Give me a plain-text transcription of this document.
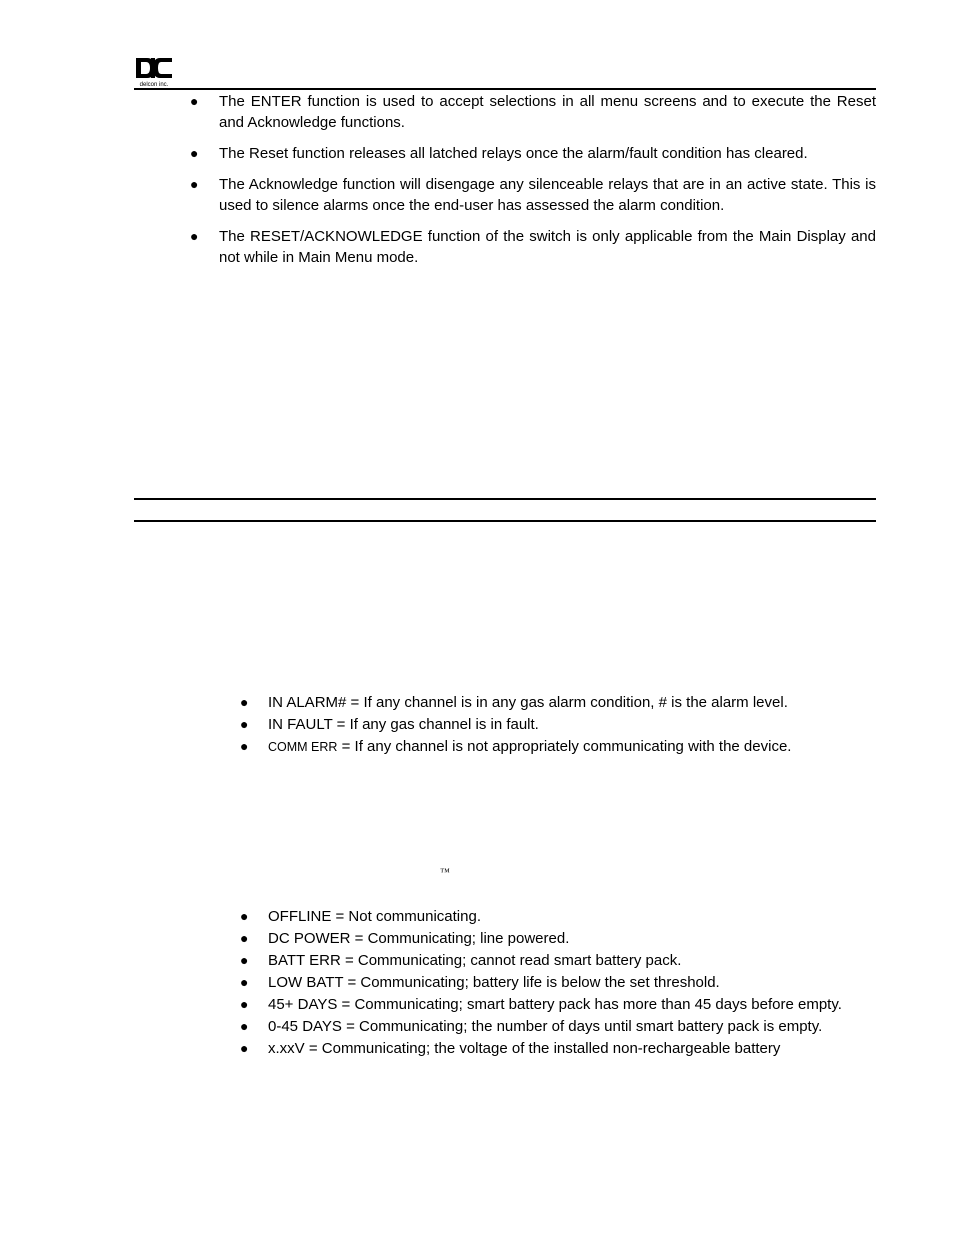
delcon inc.
● The ENTER function is used to accept selections in all menu screens and to execute the Reset and Acknowledge functions.
● The Reset function releases all latched relays once the alarm/fault condition has cleared.
● The Acknowledge function will disengage any silenceable relays that are in an active state. This is used to silence alarms once the end-user has assessed the alarm condition.
● The RESET/ACKNOWLEDGE function of the switch is only applicable from the Main Display and not while in Main Menu mode.
● IN ALARM# = If any channel is in any gas alarm condition, # is the alarm level.
● IN FAULT = If any gas channel is in fault.
● COMM ERR = If any channel is not appropriately communicating with the device.
™
● OFFLINE = Not communicating.
● DC POWER = Communicating; line powered.
● BATT ERR = Communicating; cannot read smart battery pack.
● LOW BATT = Communicating; battery life is below the set threshold.
● 45+ DAYS = Communicating; smart battery pack has more than 45 days before empty.
● 0-45 DAYS = Communicating; the number of days until smart battery pack is empty.
● x.xxV = Communicating; the voltage of the installed non-rechargeable battery
